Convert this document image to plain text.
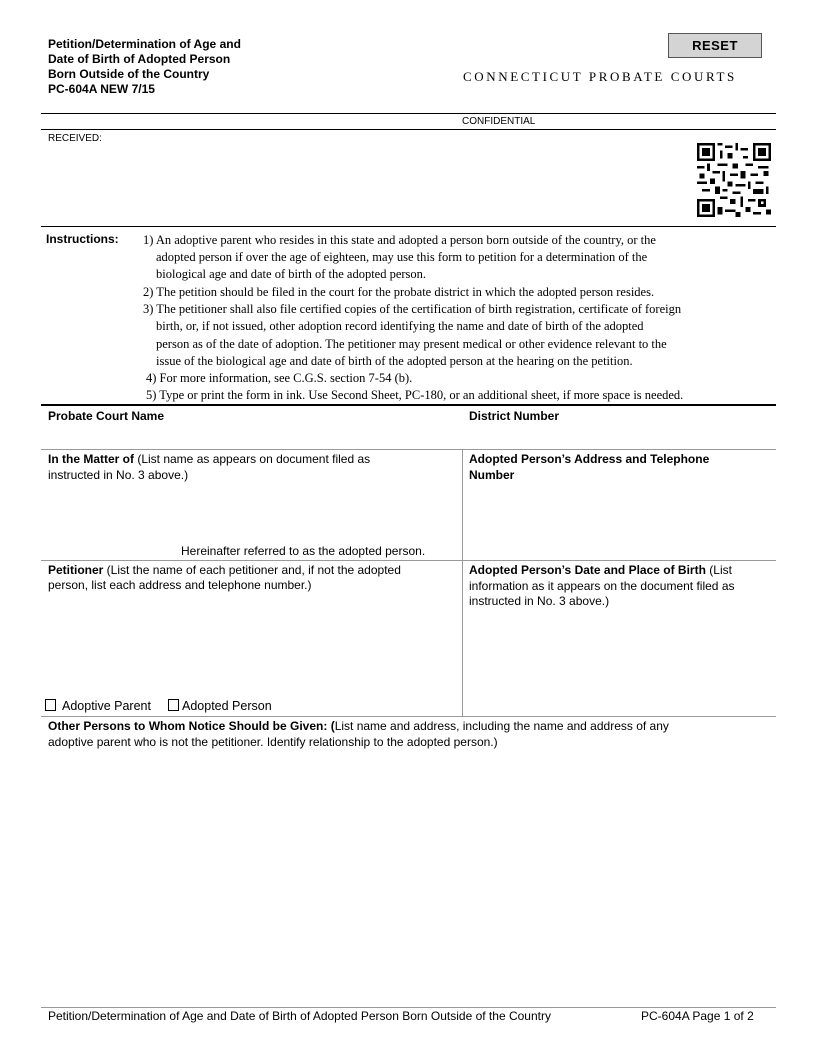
Petition/Determination of Age and
Date of Birth of Adopted Person
Born Outside of the Country
PC-604A NEW 7/15
RESET
CONNECTICUT PROBATE COURTS
CONFIDENTIAL
RECEIVED:
Instructions: 1) An adoptive parent who resides in this state and adopted a person born outside of the country, or the
adopted person if over the age of eighteen, may use this form to petition for a determination of the
biological age and date of birth of the adopted person.
2) The petition should be filed in the court for the probate district in which the adopted person resides.
3) The petitioner shall also file certified copies of the certification of birth registration, certificate of foreign
birth, or, if not issued, other adoption record identifying the name and date of birth of the adopted
person as of the date of adoption. The petitioner may present medical or other evidence relevant to the
issue of the biological age and date of birth of the adopted person at the hearing on the petition.
4) For more information, see C.G.S. section 7-54 (b).
5) Type or print the form in ink. Use Second Sheet, PC-180, or an additional sheet, if more space is needed.
Probate Court Name	District Number
In the Matter of (List name as appears on document filed as
instructed in No. 3 above.)
Hereinafter referred to as the adopted person.
Adopted Person’s Address and Telephone
Number
Petitioner (List the name of each petitioner and, if not the adopted
person, list each address and telephone number.)
Adopted Person’s Date and Place of Birth (List
information as it appears on the document filed as
instructed in No. 3 above.)
Adoptive Parent Adopted Person
Other Persons to Whom Notice Should be Given: (List name and address, including the name and address of any
adoptive parent who is not the petitioner. Identify relationship to the adopted person.)
Petition/Determination of Age and Date of Birth of Adopted Person Born Outside of the Country	PC-604A Page 1 of 2
